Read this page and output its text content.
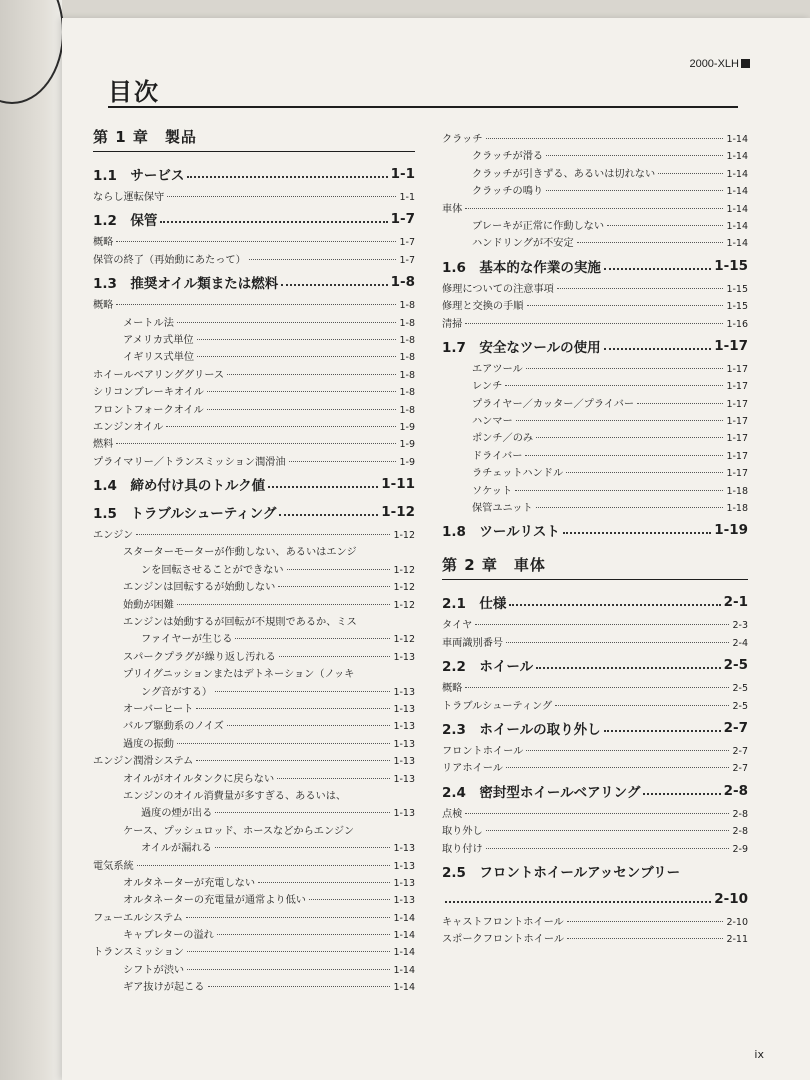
2000-XLH
目次
第 1 章　製品
1.1　サービス	1-1
ならし運転保守	1-1
1.2　保管	1-7
概略	1-7
保管の終了（再始動にあたって）	1-7
1.3　推奨オイル類または燃料	1-8
概略	1-8
メートル法	1-8
アメリカ式単位	1-8
イギリス式単位	1-8
ホイールベアリンググリース	1-8
シリコンブレーキオイル	1-8
フロントフォークオイル	1-8
エンジンオイル	1-9
燃料	1-9
プライマリー／トランスミッション潤滑油	1-9
1.4　締め付け具のトルク値	1-11
1.5　トラブルシューティング	1-12
エンジン	1-12
スターターモーターが作動しない、あるいはエンジ
ンを回転させることができない	1-12
エンジンは回転するが始動しない	1-12
始動が困難	1-12
エンジンは始動するが回転が不規則であるか、ミス
ファイヤーが生じる	1-12
スパークプラグが繰り返し汚れる	1-13
プリイグニッションまたはデトネーション（ノッキ
ング音がする）	1-13
オーバーヒート	1-13
バルブ駆動系のノイズ	1-13
過度の振動	1-13
エンジン潤滑システム	1-13
オイルがオイルタンクに戻らない	1-13
エンジンのオイル消費量が多すぎる、あるいは、
過度の煙が出る	1-13
ケース、プッシュロッド、ホースなどからエンジン
オイルが漏れる	1-13
電気系統	1-13
オルタネーターが充電しない	1-13
オルタネーターの充電量が通常より低い	1-13
フューエルシステム	1-14
キャブレターの溢れ	1-14
トランスミッション	1-14
シフトが渋い	1-14
ギア抜けが起こる	1-14
クラッチ	1-14
クラッチが滑る	1-14
クラッチが引きずる、あるいは切れない	1-14
クラッチの鳴り	1-14
車体	1-14
ブレーキが正常に作動しない	1-14
ハンドリングが不安定	1-14
1.6　基本的な作業の実施	1-15
修理についての注意事項	1-15
修理と交換の手順	1-15
清掃	1-16
1.7　安全なツールの使用	1-17
エアツール	1-17
レンチ	1-17
プライヤー／カッター／プライバー	1-17
ハンマー	1-17
ポンチ／のみ	1-17
ドライバー	1-17
ラチェットハンドル	1-17
ソケット	1-18
保管ユニット	1-18
1.8　ツールリスト	1-19
第 2 章　車体
2.1　仕様	2-1
タイヤ	2-3
車両識別番号	2-4
2.2　ホイール	2-5
概略	2-5
トラブルシューティング	2-5
2.3　ホイールの取り外し	2-7
フロントホイール	2-7
リアホイール	2-7
2.4　密封型ホイールベアリング	2-8
点検	2-8
取り外し	2-8
取り付け	2-9
2.5　フロントホイールアッセンブリー
2-10
キャストフロントホイール	2-10
スポークフロントホイール	2-11
ix
